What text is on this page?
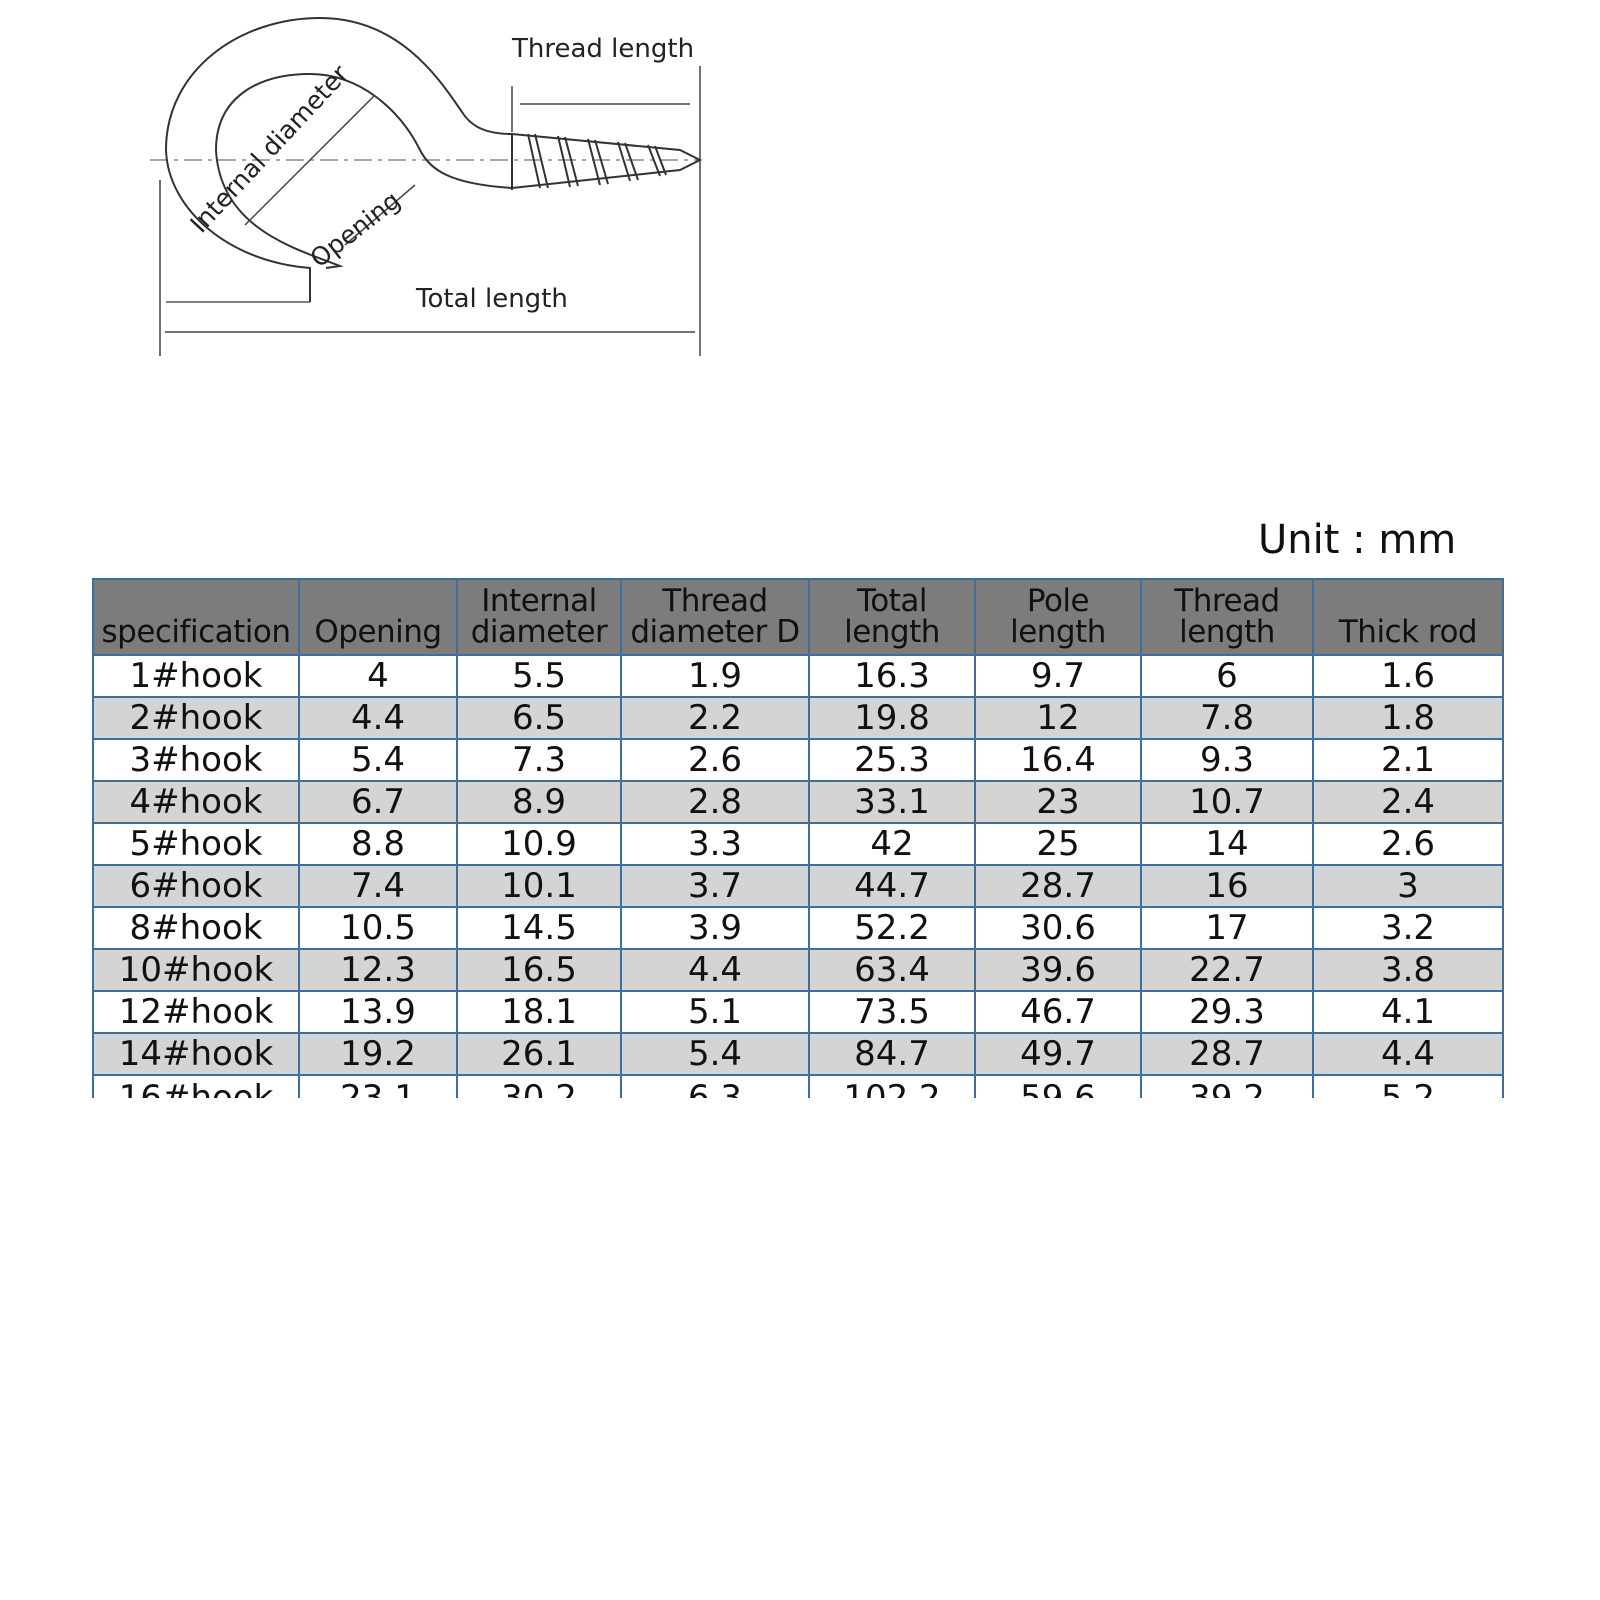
Thread length
Internal diameter
Opening
Total length
Unit : mm
specification	Opening	Internal diameter	Thread diameter D	Total length	Pole length	Thread length	Thick rod
1#hook	4	5.5	1.9	16.3	9.7	6	1.6
2#hook	4.4	6.5	2.2	19.8	12	7.8	1.8
3#hook	5.4	7.3	2.6	25.3	16.4	9.3	2.1
4#hook	6.7	8.9	2.8	33.1	23	10.7	2.4
5#hook	8.8	10.9	3.3	42	25	14	2.6
6#hook	7.4	10.1	3.7	44.7	28.7	16	3
8#hook	10.5	14.5	3.9	52.2	30.6	17	3.2
10#hook	12.3	16.5	4.4	63.4	39.6	22.7	3.8
12#hook	13.9	18.1	5.1	73.5	46.7	29.3	4.1
14#hook	19.2	26.1	5.4	84.7	49.7	28.7	4.4
